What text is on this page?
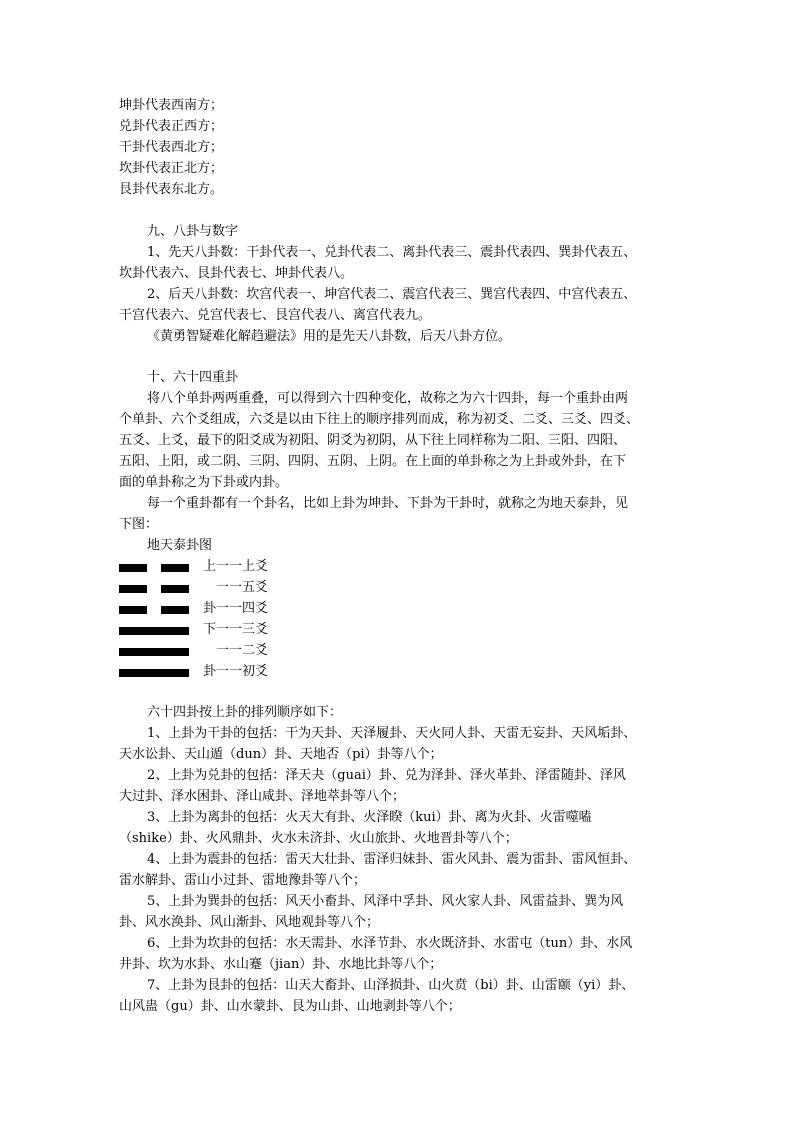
坤卦代表西南方；
兑卦代表正西方；
干卦代表西北方；
坎卦代表正北方；
艮卦代表东北方。
九、八卦与数字
1、先天八卦数：干卦代表一、兑卦代表二、离卦代表三、震卦代表四、巽卦代表五、
坎卦代表六、艮卦代表七、坤卦代表八。
2、后天八卦数：坎宫代表一、坤宫代表二、震宫代表三、巽宫代表四、中宫代表五、
干宫代表六、兑宫代表七、艮宫代表八、离宫代表九。
《黄勇智疑难化解趋避法》用的是先天八卦数，后天八卦方位。
十、六十四重卦
将八个单卦两两重叠，可以得到六十四种变化，故称之为六十四卦，每一个重卦由两
个单卦、六个爻组成，六爻是以由下往上的顺序排列而成，称为初爻、二爻、三爻、四爻、
五爻、上爻，最下的阳爻成为初阳、阴爻为初阴，从下往上同样称为二阳、三阳、四阳、
五阳、上阳，或二阴、三阴、四阴、五阴、上阴。在上面的单卦称之为上卦或外卦，在下
面的单卦称之为下卦或内卦。
每一个重卦都有一个卦名，比如上卦为坤卦、下卦为干卦时，就称之为地天泰卦，见
下图：
地天泰卦图
上一一上爻
一一五爻
卦一一四爻
下一一三爻
一一二爻
卦一一初爻
六十四卦按上卦的排列顺序如下：
1、上卦为干卦的包括：干为天卦、天泽履卦、天火同人卦、天雷无妄卦、天风垢卦、
天水讼卦、天山遁（dun）卦、天地否（pi）卦等八个；
2、上卦为兑卦的包括：泽天夬（guai）卦、兑为泽卦、泽火革卦、泽雷随卦、泽风
大过卦、泽水困卦、泽山咸卦、泽地萃卦等八个；
3、上卦为离卦的包括：火天大有卦、火泽睽（kui）卦、离为火卦、火雷噬嗑
（shike）卦、火风鼎卦、火水未济卦、火山旅卦、火地晋卦等八个；
4、上卦为震卦的包括：雷天大壮卦、雷泽归妹卦、雷火风卦、震为雷卦、雷风恒卦、
雷水解卦、雷山小过卦、雷地豫卦等八个；
5、上卦为巽卦的包括：风天小畜卦、风泽中孚卦、风火家人卦、风雷益卦、巽为风
卦、风水涣卦、风山渐卦、风地观卦等八个；
6、上卦为坎卦的包括：水天需卦、水泽节卦、水火既济卦、水雷屯（tun）卦、水风
井卦、坎为水卦、水山蹇（jian）卦、水地比卦等八个；
7、上卦为艮卦的包括：山天大畜卦、山泽损卦、山火贲（bi）卦、山雷颐（yi）卦、
山风蛊（gu）卦、山水蒙卦、艮为山卦、山地剥卦等八个；
